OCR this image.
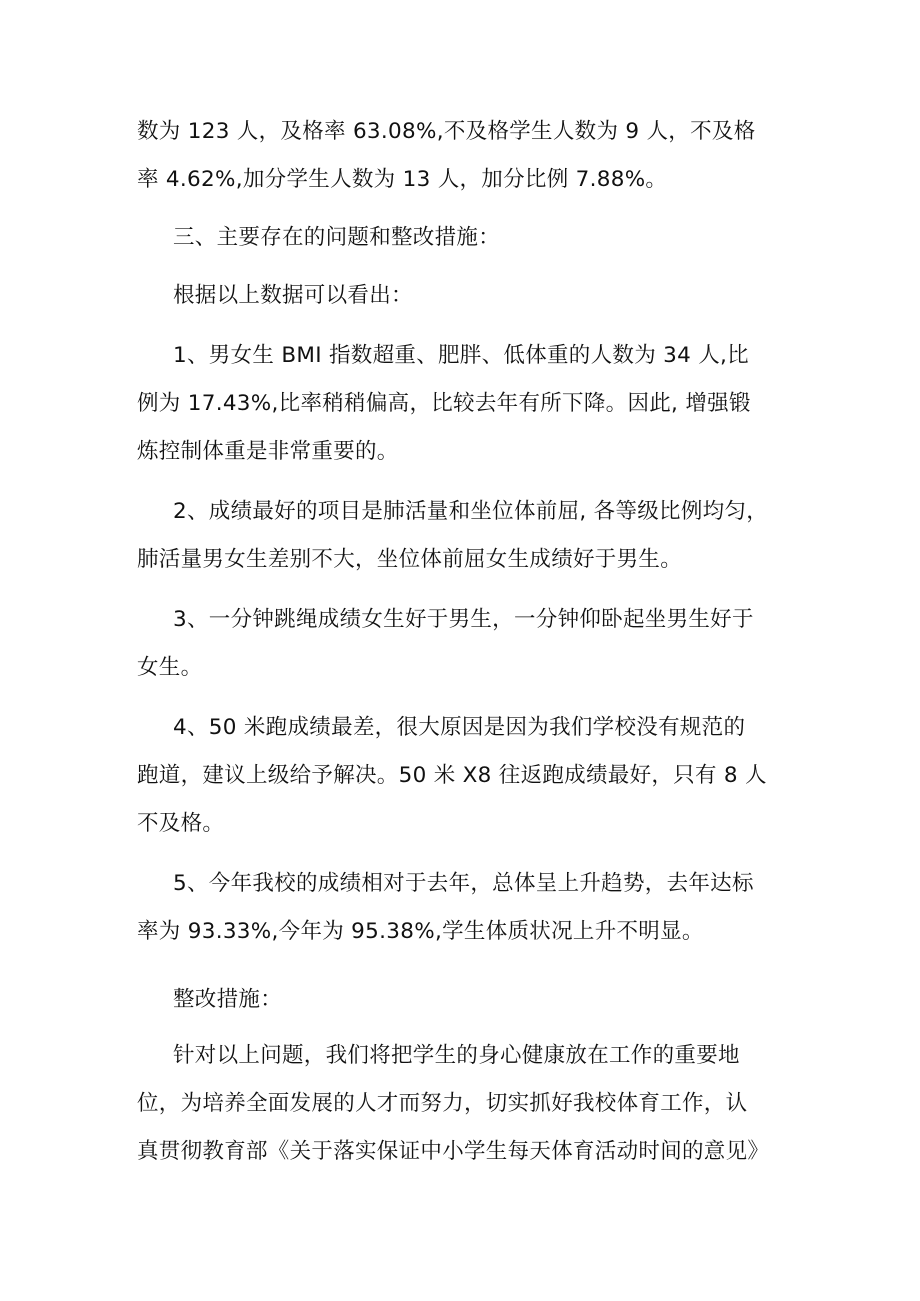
数为 123 人，及格率 63.08%,不及格学生人数为 9 人，不及格
率 4.62%,加分学生人数为 13 人，加分比例 7.88%。
三、主要存在的问题和整改措施：
根据以上数据可以看出：
1、男女生 BMI 指数超重、肥胖、低体重的人数为 34 人,比
例为 17.43%,比率稍稍偏高，比较去年有所下降。因此, 增强锻
炼控制体重是非常重要的。
2、成绩最好的项目是肺活量和坐位体前屈, 各等级比例均匀，
肺活量男女生差别不大，坐位体前屈女生成绩好于男生。
3、一分钟跳绳成绩女生好于男生，一分钟仰卧起坐男生好于
女生。
4、50 米跑成绩最差，很大原因是因为我们学校没有规范的
跑道，建议上级给予解决。50 米 X8 往返跑成绩最好，只有 8 人
不及格。
5、今年我校的成绩相对于去年，总体呈上升趋势，去年达标
率为 93.33%,今年为 95.38%,学生体质状况上升不明显。
整改措施：
针对以上问题，我们将把学生的身心健康放在工作的重要地
位，为培养全面发展的人才而努力，切实抓好我校体育工作，认
真贯彻教育部《关于落实保证中小学生每天体育活动时间的意见》
